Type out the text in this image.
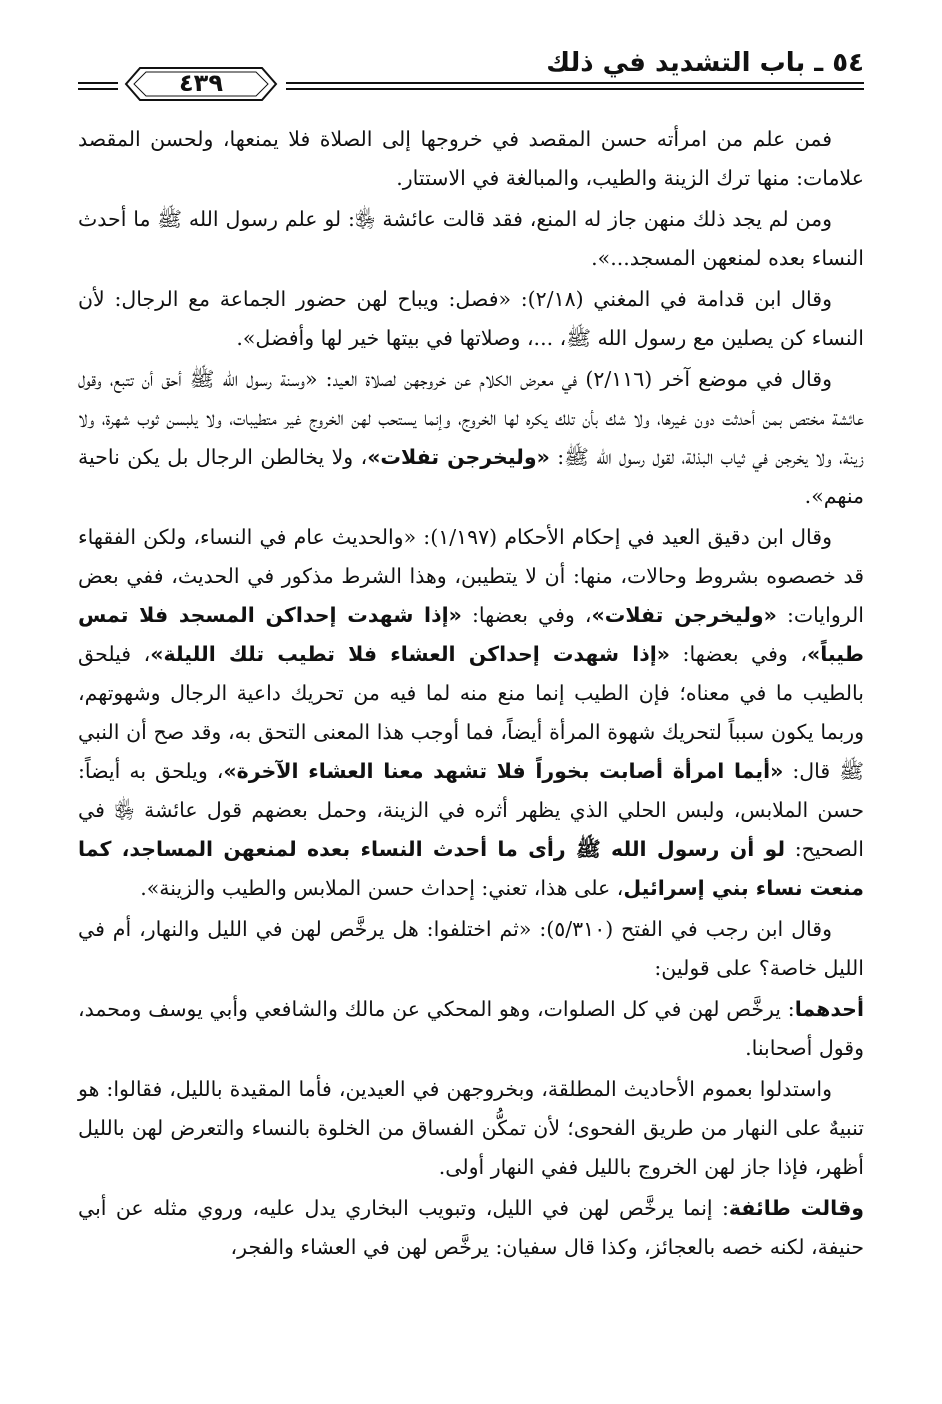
٥٤ ـ باب التشديد في ذلك
٤٣٩

فمن علم من امرأته حسن المقصد في خروجها إلى الصلاة فلا يمنعها، ولحسن المقصد علامات: منها ترك الزينة والطيب، والمبالغة في الاستتار.

ومن لم يجد ذلك منهن جاز له المنع، فقد قالت عائشة ﵂: لو علم رسول الله ﷺ ما أحدث النساء بعده لمنعهن المسجد...».

وقال ابن قدامة في المغني (٢/١٨): «فصل: ويباح لهن حضور الجماعة مع الرجال: لأن النساء كن يصلين مع رسول الله ﷺ، ...، وصلاتها في بيتها خير لها وأفضل».

وقال في موضع آخر (٢/١١٦) في معرض الكلام عن خروجهن لصلاة العيد: «وسنة رسول الله ﷺ أحق أن تتبع، وقول عائشة مختص بمن أحدثت دون غيرها، ولا شك بأن تلك يكره لها الخروج، وإنما يستحب لهن الخروج غير متطيبات، ولا يلبسن ثوب شهرة، ولا زينة، ولا يخرجن في ثياب البذلة، لقول رسول الله ﷺ: «وليخرجن تفلات»، ولا يخالطن الرجال بل يكن ناحية منهم».

وقال ابن دقيق العيد في إحكام الأحكام (١/١٩٧): «والحديث عام في النساء، ولكن الفقهاء قد خصصوه بشروط وحالات، منها: أن لا يتطيبن، وهذا الشرط مذكور في الحديث، ففي بعض الروايات: «وليخرجن تفلات»، وفي بعضها: «إذا شهدت إحداكن المسجد فلا تمس طيباً»، وفي بعضها: «إذا شهدت إحداكن العشاء فلا تطيب تلك الليلة»، فيلحق بالطيب ما في معناه؛ فإن الطيب إنما منع منه لما فيه من تحريك داعية الرجال وشهوتهم، وربما يكون سبباً لتحريك شهوة المرأة أيضاً، فما أوجب هذا المعنى التحق به، وقد صح أن النبي ﷺ قال: «أيما امرأة أصابت بخوراً فلا تشهد معنا العشاء الآخرة»، ويلحق به أيضاً: حسن الملابس، ولبس الحلي الذي يظهر أثره في الزينة، وحمل بعضهم قول عائشة ﵂ في الصحيح: لو أن رسول الله ﷺ رأى ما أحدث النساء بعده لمنعهن المساجد، كما منعت نساء بني إسرائيل، على هذا، تعني: إحداث حسن الملابس والطيب والزينة».

وقال ابن رجب في الفتح (٥/٣١٠): «ثم اختلفوا: هل يرخَّص لهن في الليل والنهار، أم في الليل خاصة؟ على قولين:

أحدهما: يرخَّص لهن في كل الصلوات، وهو المحكي عن مالك والشافعي وأبي يوسف ومحمد، وقول أصحابنا.

واستدلوا بعموم الأحاديث المطلقة، وبخروجهن في العيدين، فأما المقيدة بالليل، فقالوا: هو تنبيهٌ على النهار من طريق الفحوى؛ لأن تمكُّن الفساق من الخلوة بالنساء والتعرض لهن بالليل أظهر، فإذا جاز لهن الخروج بالليل ففي النهار أولى.

وقالت طائفة: إنما يرخَّص لهن في الليل، وتبويب البخاري يدل عليه، وروي مثله عن أبي حنيفة، لكنه خصه بالعجائز، وكذا قال سفيان: يرخَّص لهن في العشاء والفجر،
